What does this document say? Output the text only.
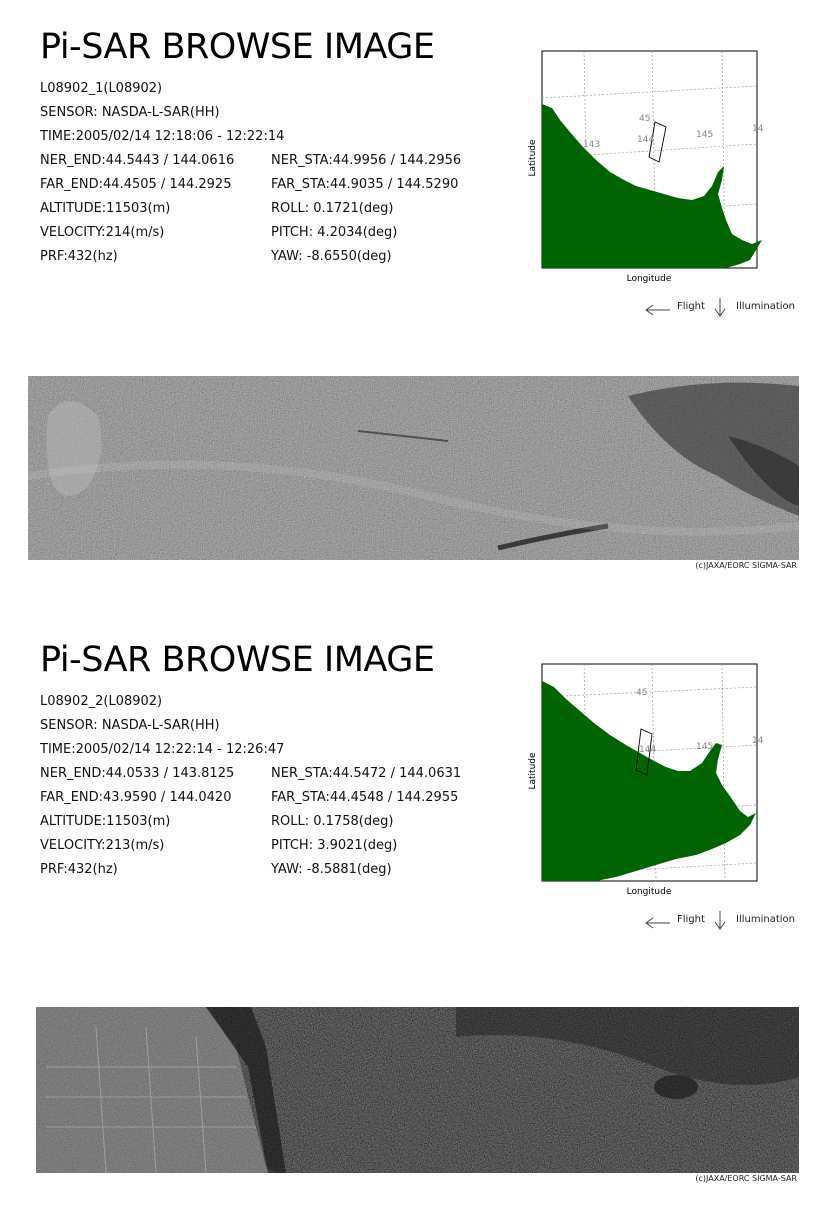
Pi-SAR BROWSE IMAGE
L08902_1(L08902)
SENSOR: NASDA-L-SAR(HH)
TIME:2005/02/14 12:18:06 - 12:22:14
NER_END:44.5443 / 144.0616	NER_STA:44.9956 / 144.2956
FAR_END:44.4505 / 144.2925	FAR_STA:44.9035 / 144.5290
ALTITUDE:11503(m)	ROLL: 0.1721(deg)
VELOCITY:214(m/s)	PITCH: 4.2034(deg)
PRF:432(hz)	YAW: -8.6550(deg)
45
143	144	145
14
Longitude
Latitude
Flight	Illumination
(c)JAXA/EORC SIGMA-SAR
Pi-SAR BROWSE IMAGE
L08902_2(L08902)
SENSOR: NASDA-L-SAR(HH)
TIME:2005/02/14 12:22:14 - 12:26:47
NER_END:44.0533 / 143.8125	NER_STA:44.5472 / 144.0631
FAR_END:43.9590 / 144.0420	FAR_STA:44.4548 / 144.2955
ALTITUDE:11503(m)	ROLL: 0.1758(deg)
VELOCITY:213(m/s)	PITCH: 3.9021(deg)
PRF:432(hz)	YAW: -8.5881(deg)
45
144	145
14
Longitude
Latitude
Flight	Illumination
(c)JAXA/EORC SIGMA-SAR
